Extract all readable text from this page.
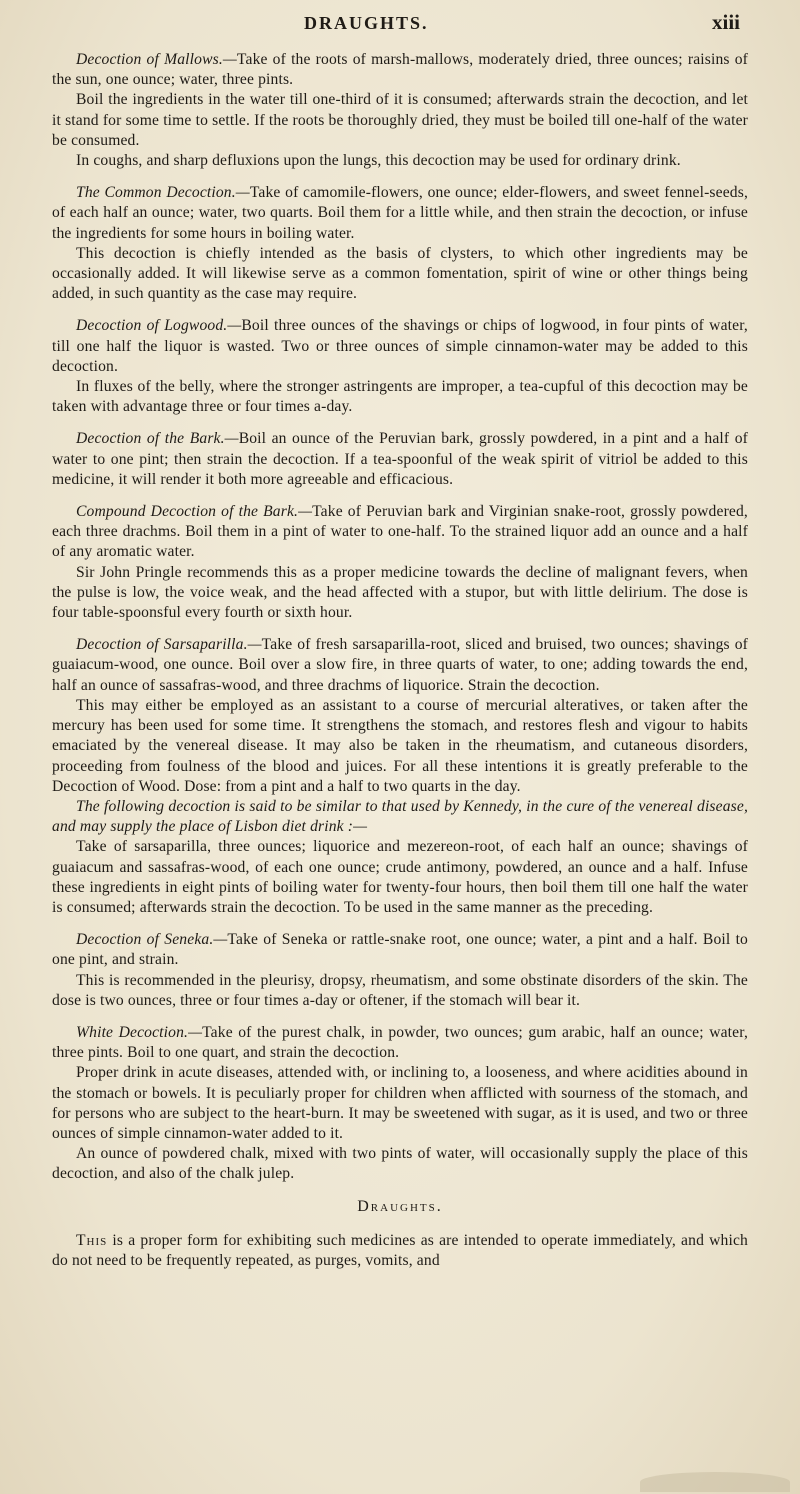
DRAUGHTS.	xiii

Decoction of Mallows.—Take of the roots of marsh-mallows, moderately dried, three ounces; raisins of the sun, one ounce; water, three pints.

Boil the ingredients in the water till one-third of it is consumed; afterwards strain the decoction, and let it stand for some time to settle. If the roots be thoroughly dried, they must be boiled till one-half of the water be consumed.

In coughs, and sharp defluxions upon the lungs, this decoction may be used for ordinary drink.

The Common Decoction.—Take of camomile-flowers, one ounce; elder-flowers, and sweet fennel-seeds, of each half an ounce; water, two quarts. Boil them for a little while, and then strain the decoction, or infuse the ingredients for some hours in boiling water.

This decoction is chiefly intended as the basis of clysters, to which other ingredients may be occasionally added. It will likewise serve as a common fomentation, spirit of wine or other things being added, in such quantity as the case may require.

Decoction of Logwood.—Boil three ounces of the shavings or chips of logwood, in four pints of water, till one half the liquor is wasted. Two or three ounces of simple cinnamon-water may be added to this decoction.

In fluxes of the belly, where the stronger astringents are improper, a tea-cupful of this decoction may be taken with advantage three or four times a-day.

Decoction of the Bark.—Boil an ounce of the Peruvian bark, grossly powdered, in a pint and a half of water to one pint; then strain the decoction. If a tea-spoonful of the weak spirit of vitriol be added to this medicine, it will render it both more agreeable and efficacious.

Compound Decoction of the Bark.—Take of Peruvian bark and Virginian snake-root, grossly powdered, each three drachms. Boil them in a pint of water to one-half. To the strained liquor add an ounce and a half of any aromatic water.

Sir John Pringle recommends this as a proper medicine towards the decline of malignant fevers, when the pulse is low, the voice weak, and the head affected with a stupor, but with little delirium. The dose is four table-spoonsful every fourth or sixth hour.

Decoction of Sarsaparilla.—Take of fresh sarsaparilla-root, sliced and bruised, two ounces; shavings of guaiacum-wood, one ounce. Boil over a slow fire, in three quarts of water, to one; adding towards the end, half an ounce of sassafras-wood, and three drachms of liquorice. Strain the decoction.

This may either be employed as an assistant to a course of mercurial alteratives, or taken after the mercury has been used for some time. It strengthens the stomach, and restores flesh and vigour to habits emaciated by the venereal disease. It may also be taken in the rheumatism, and cutaneous disorders, proceeding from foulness of the blood and juices. For all these intentions it is greatly preferable to the Decoction of Wood. Dose: from a pint and a half to two quarts in the day.

The following decoction is said to be similar to that used by Kennedy, in the cure of the venereal disease, and may supply the place of Lisbon diet drink :—

Take of sarsaparilla, three ounces; liquorice and mezereon-root, of each half an ounce; shavings of guaiacum and sassafras-wood, of each one ounce; crude antimony, powdered, an ounce and a half. Infuse these ingredients in eight pints of boiling water for twenty-four hours, then boil them till one half the water is consumed; afterwards strain the decoction. To be used in the same manner as the preceding.

Decoction of Seneka.—Take of Seneka or rattle-snake root, one ounce; water, a pint and a half. Boil to one pint, and strain.

This is recommended in the pleurisy, dropsy, rheumatism, and some obstinate disorders of the skin. The dose is two ounces, three or four times a-day or oftener, if the stomach will bear it.

White Decoction.—Take of the purest chalk, in powder, two ounces; gum arabic, half an ounce; water, three pints. Boil to one quart, and strain the decoction.

Proper drink in acute diseases, attended with, or inclining to, a looseness, and where acidities abound in the stomach or bowels. It is peculiarly proper for children when afflicted with sourness of the stomach, and for persons who are subject to the heart-burn. It may be sweetened with sugar, as it is used, and two or three ounces of simple cinnamon-water added to it.

An ounce of powdered chalk, mixed with two pints of water, will occasionally supply the place of this decoction, and also of the chalk julep.

Draughts.

This is a proper form for exhibiting such medicines as are intended to operate immediately, and which do not need to be frequently repeated, as purges, vomits, and
